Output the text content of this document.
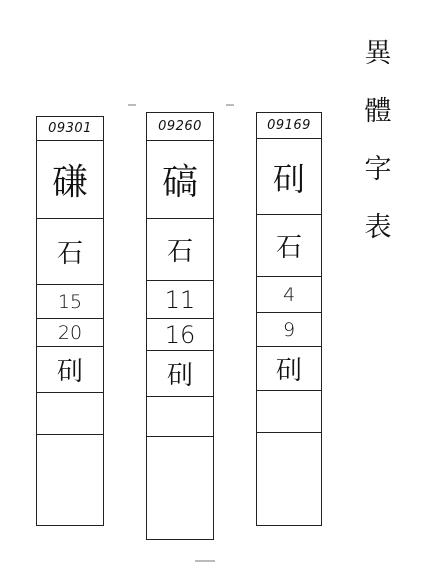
異
體
字
表
09301
磏
石
15
20
矵
09260
碻
石
11
16
矵
09169
矵
石
4
9
矵
